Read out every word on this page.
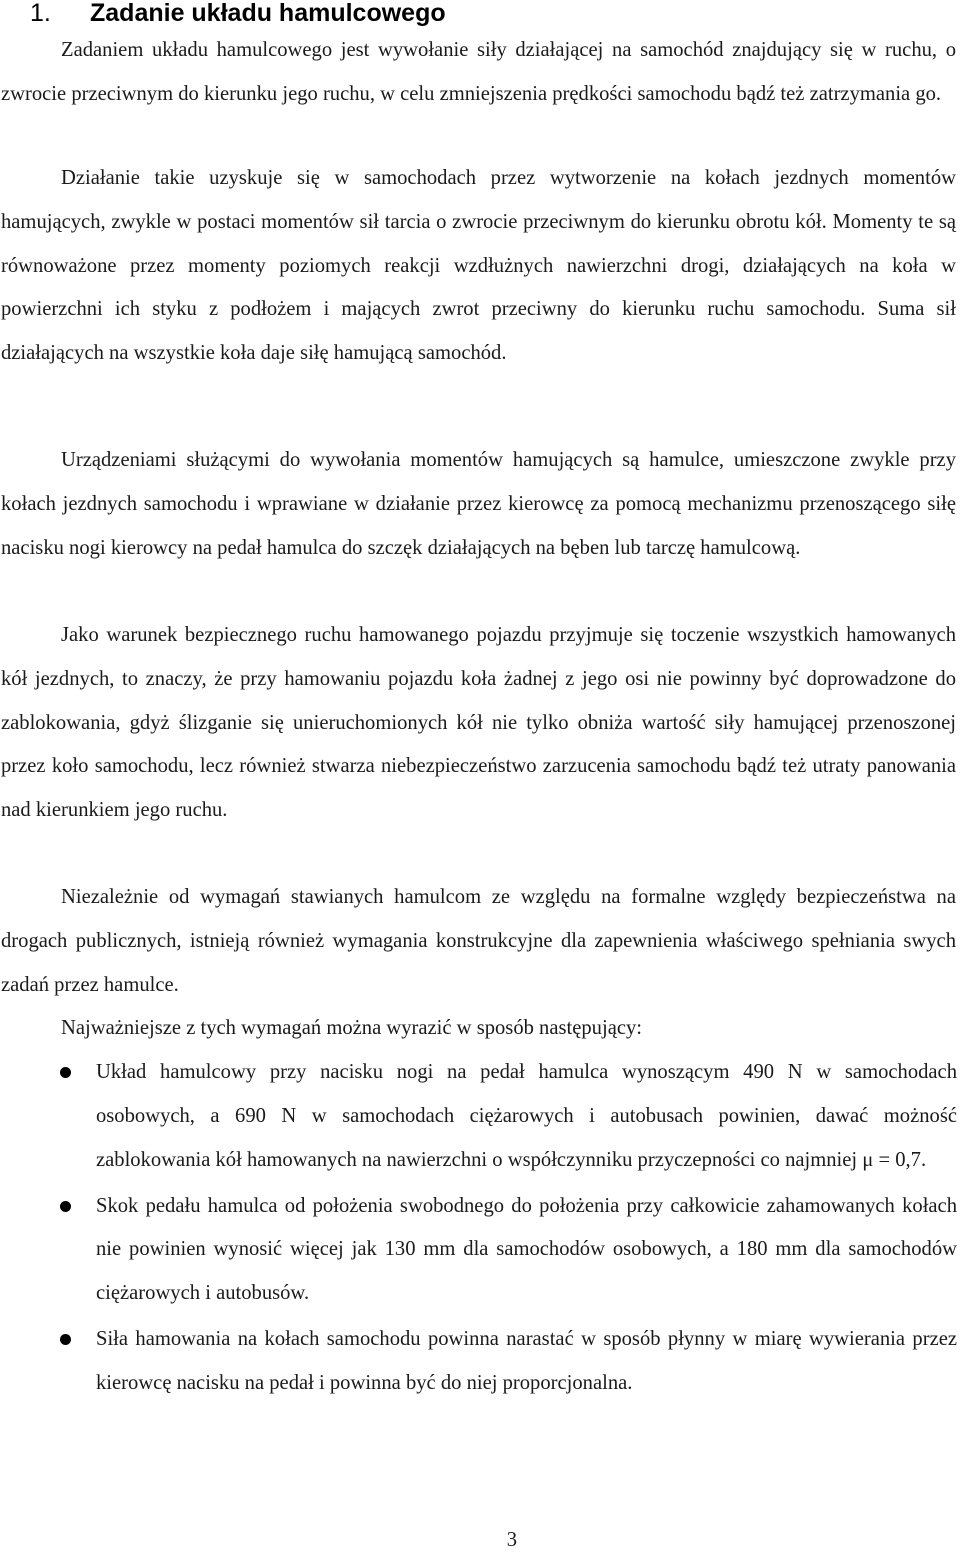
1. Zadanie układu hamulcowego

Zadaniem układu hamulcowego jest wywołanie siły działającej na samochód znajdujący się w ruchu, o zwrocie przeciwnym do kierunku jego ruchu, w celu zmniejszenia prędkości samochodu bądź też zatrzymania go.

Działanie takie uzyskuje się w samochodach przez wytworzenie na kołach jezdnych momentów hamujących, zwykle w postaci momentów sił tarcia o zwrocie przeciwnym do kierunku obrotu kół. Momenty te są równoważone przez momenty poziomych reakcji wzdłużnych nawierzchni drogi, działających na koła w powierzchni ich styku z podłożem i mających zwrot przeciwny do kierunku ruchu samochodu. Suma sił działających na wszystkie koła daje siłę hamującą samochód.

Urządzeniami służącymi do wywołania momentów hamujących są hamulce, umieszczone zwykle przy kołach jezdnych samochodu i wprawiane w działanie przez kierowcę za pomocą mechanizmu przenoszącego siłę nacisku nogi kierowcy na pedał hamulca do szczęk działających na bęben lub tarczę hamulcową.

Jako warunek bezpiecznego ruchu hamowanego pojazdu przyjmuje się toczenie wszystkich hamowanych kół jezdnych, to znaczy, że przy hamowaniu pojazdu koła żadnej z jego osi nie powinny być doprowadzone do zablokowania, gdyż ślizganie się unieruchomionych kół nie tylko obniża wartość siły hamującej przenoszonej przez koło samochodu, lecz również stwarza niebezpieczeństwo zarzucenia samochodu bądź też utraty panowania nad kierunkiem jego ruchu.

Niezależnie od wymagań stawianych hamulcom ze względu na formalne względy bezpieczeństwa na drogach publicznych, istnieją również wymagania konstrukcyjne dla zapewnienia właściwego spełniania swych zadań przez hamulce.

Najważniejsze z tych wymagań można wyrazić w sposób następujący:

Układ hamulcowy przy nacisku nogi na pedał hamulca wynoszącym 490 N w samochodach osobowych, a 690 N w samochodach ciężarowych i autobusach powinien, dawać możność zablokowania kół hamowanych na nawierzchni o współczynniku przyczepności co najmniej μ = 0,7.
Skok pedału hamulca od położenia swobodnego do położenia przy całkowicie zahamowanych kołach nie powinien wynosić więcej jak 130 mm dla samochodów osobowych, a 180 mm dla samochodów ciężarowych i autobusów.
Siła hamowania na kołach samochodu powinna narastać w sposób płynny w miarę wywierania przez kierowcę nacisku na pedał i powinna być do niej proporcjonalna.
3
